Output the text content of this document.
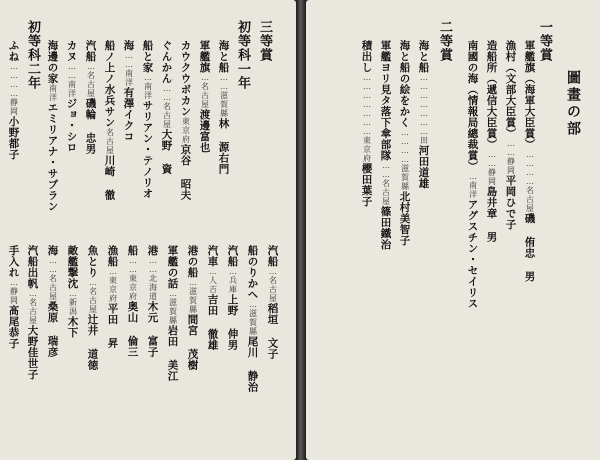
圖畫の部
一等賞
軍艦旗（海軍大臣賞）…………名古屋磯 侑忠 男
漁村（文部大臣賞）……静岡平岡ひで子
造船所（遞信大臣賞）……静岡島井章 男
南國の海（情報局總裁賞）…南洋アグスチン・セイリス
二等賞
海と船…………………田河田道雄
海と船の絵をかく…………滋賀縣北村美智子
軍艦ヨリ見タ落下傘部隊……名古屋篠田鐵治
積出し…………………東京府櫻田葉子
三等賞
初等科一年
海と船……滋賀縣林 源右門
軍艦旗…名古屋渡邊富也
カウクウボカン東京府京谷 昭夫
ぐんかん……名古屋大野 資
船と家…南洋サリアン・テノリオ
海……南洋有澤イクコ
船ノ上ノ水兵サン名古屋川崎 徹
汽船…名古屋磯輪 忠男
カヌ……南洋ジョ・シロ
海邊の家南洋エミリアナ・サブラン
初等科二年
ふね…………静岡小野都子
手入れ…静岡髙尾恭子
汽船出帆…名古屋大野佳世子
海……名古屋桑原 瑞彦
敵艦撃沈…新潟木下
魚とり…名古屋辻井 道徳
漁船…東京府平田 昇
船……東京府奥山 倫三
港……北海道木元 富子
軍艦の話…滋賀縣岩田 美江
港の船…滋賀縣間宮 茂樹
汽車…人吉吉田 徹雄
汽船…兵庫上野 伸男
船のりかへ…滋賀縣尾川 静治
汽船…名古屋稻垣 文子
